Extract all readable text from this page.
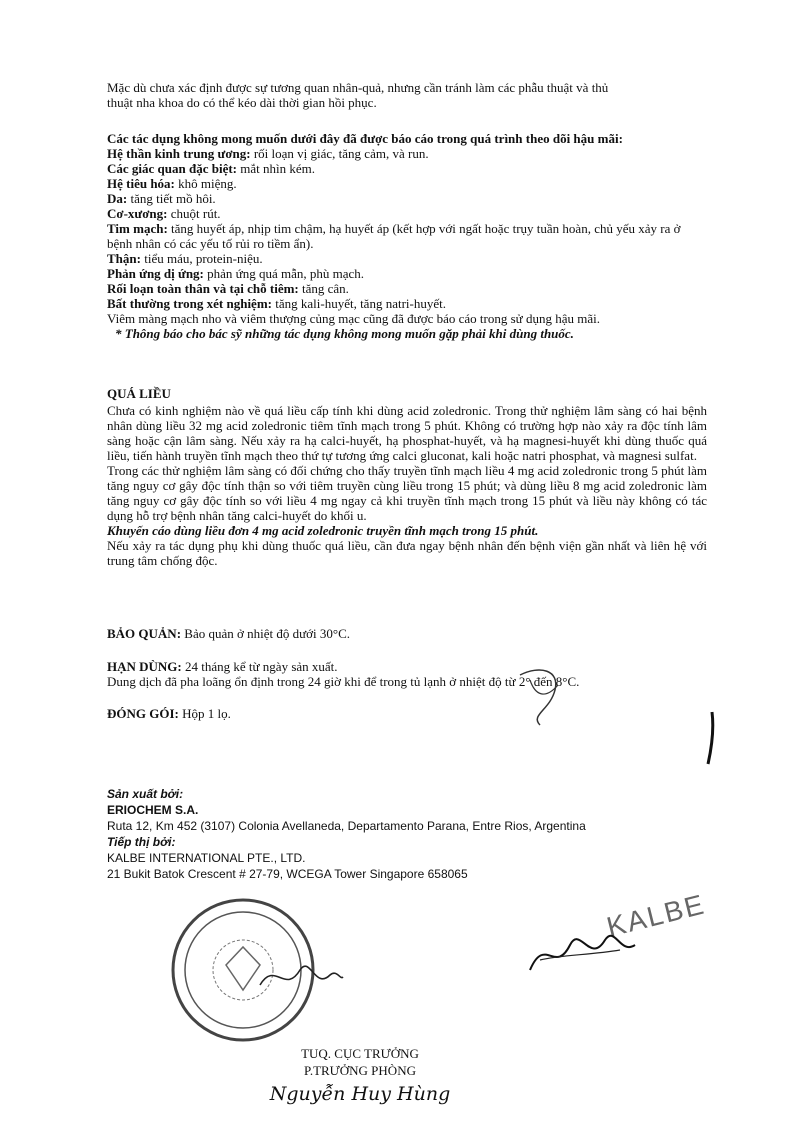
Mặc dù chưa xác định được sự tương quan nhân-quả, nhưng cần tránh làm các phẫu thuật và thủ

thuật nha khoa do có thể kéo dài thời gian hồi phục.

Các tác dụng không mong muốn dưới đây đã được báo cáo trong quá trình theo dõi hậu mãi:

Hệ thần kinh trung ương: rối loạn vị giác, tăng cảm, và run.

Các giác quan đặc biệt: mắt nhìn kém.

Hệ tiêu hóa: khô miệng.

Da: tăng tiết mồ hôi.

Cơ-xương: chuột rút.

Tim mạch: tăng huyết áp, nhịp tim chậm, hạ huyết áp (kết hợp với ngất hoặc trụy tuần hoàn, chủ yếu xảy ra ở bệnh nhân có các yếu tố rủi ro tiềm ẩn).

Thận: tiểu máu, protein-niệu.

Phản ứng dị ứng: phản ứng quá mẫn, phù mạch.

Rối loạn toàn thân và tại chỗ tiêm: tăng cân.

Bất thường trong xét nghiệm: tăng kali-huyết, tăng natri-huyết.

Viêm màng mạch nho và viêm thượng củng mạc cũng đã được báo cáo trong sử dụng hậu mãi.

* Thông báo cho bác sỹ những tác dụng không mong muốn gặp phải khi dùng thuốc.

QUÁ LIỀU

Chưa có kinh nghiệm nào về quá liều cấp tính khi dùng acid zoledronic. Trong thử nghiệm lâm sàng có hai bệnh nhân dùng liều 32 mg acid zoledronic tiêm tĩnh mạch trong 5 phút. Không có trường hợp nào xảy ra độc tính lâm sàng hoặc cận lâm sàng. Nếu xảy ra hạ calci-huyết, hạ phosphat-huyết, và hạ magnesi-huyết khi dùng thuốc quá liều, tiến hành truyền tĩnh mạch theo thứ tự tương ứng calci gluconat, kali hoặc natri phosphat, và magnesi sulfat.

Trong các thử nghiệm lâm sàng có đối chứng cho thấy truyền tĩnh mạch liều 4 mg acid zoledronic trong 5 phút làm tăng nguy cơ gây độc tính thận so với tiêm truyền cùng liều trong 15 phút; và dùng liều 8 mg acid zoledronic làm tăng nguy cơ gây độc tính so với liều 4 mg ngay cả khi truyền tĩnh mạch trong 15 phút và liều này không có tác dụng hỗ trợ bệnh nhân tăng calci-huyết do khối u.

Khuyến cáo dùng liều đơn 4 mg acid zoledronic truyền tĩnh mạch trong 15 phút.

Nếu xảy ra tác dụng phụ khi dùng thuốc quá liều, cần đưa ngay bệnh nhân đến bệnh viện gần nhất và liên hệ với trung tâm chống độc.

BẢO QUẢN: Bảo quản ở nhiệt độ dưới 30°C.

HẠN DÙNG: 24 tháng kể từ ngày sản xuất.

Dung dịch đã pha loãng ổn định trong 24 giờ khi để trong tủ lạnh ở nhiệt độ từ 2° đến 8°C.

ĐÓNG GÓI: Hộp 1 lọ.

Sản xuất bởi:

ERIOCHEM S.A.

Ruta 12, Km 452 (3107) Colonia Avellaneda, Departamento Parana, Entre Rios, Argentina

Tiếp thị bởi:

KALBE INTERNATIONAL PTE., LTD.

21 Bukit Batok Crescent # 27-79, WCEGA Tower Singapore 658065

KALBE
TUQ. CỤC TRƯỞNG
P.TRƯỞNG PHÒNG
Nguyễn Huy Hùng
